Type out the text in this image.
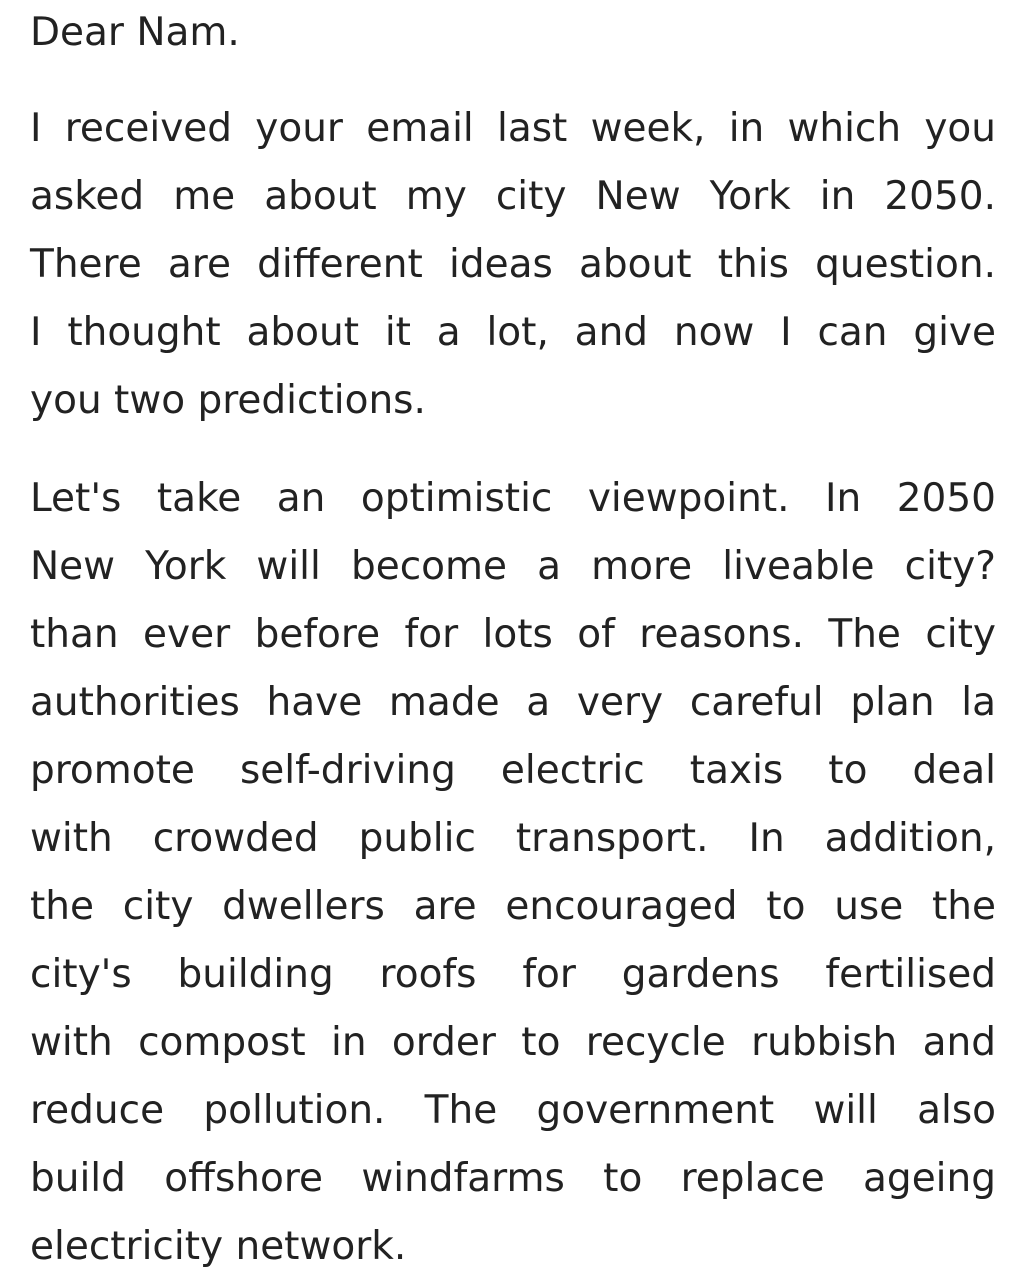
Dear Nam.
I received your email last week, in which you
asked me about my city New York in 2050.
There are different ideas about this question.
I thought about it a lot, and now I can give
you two predictions.
Let's take an optimistic viewpoint. In 2050
New York will become a more liveable city?
than ever before for lots of reasons. The city
authorities have made a very careful plan la
promote self-driving electric taxis to deal
with crowded public transport. In addition,
the city dwellers are encouraged to use the
city's building roofs for gardens fertilised
with compost in order to recycle rubbish and
reduce pollution. The government will also
build offshore windfarms to replace ageing
electricity network.
